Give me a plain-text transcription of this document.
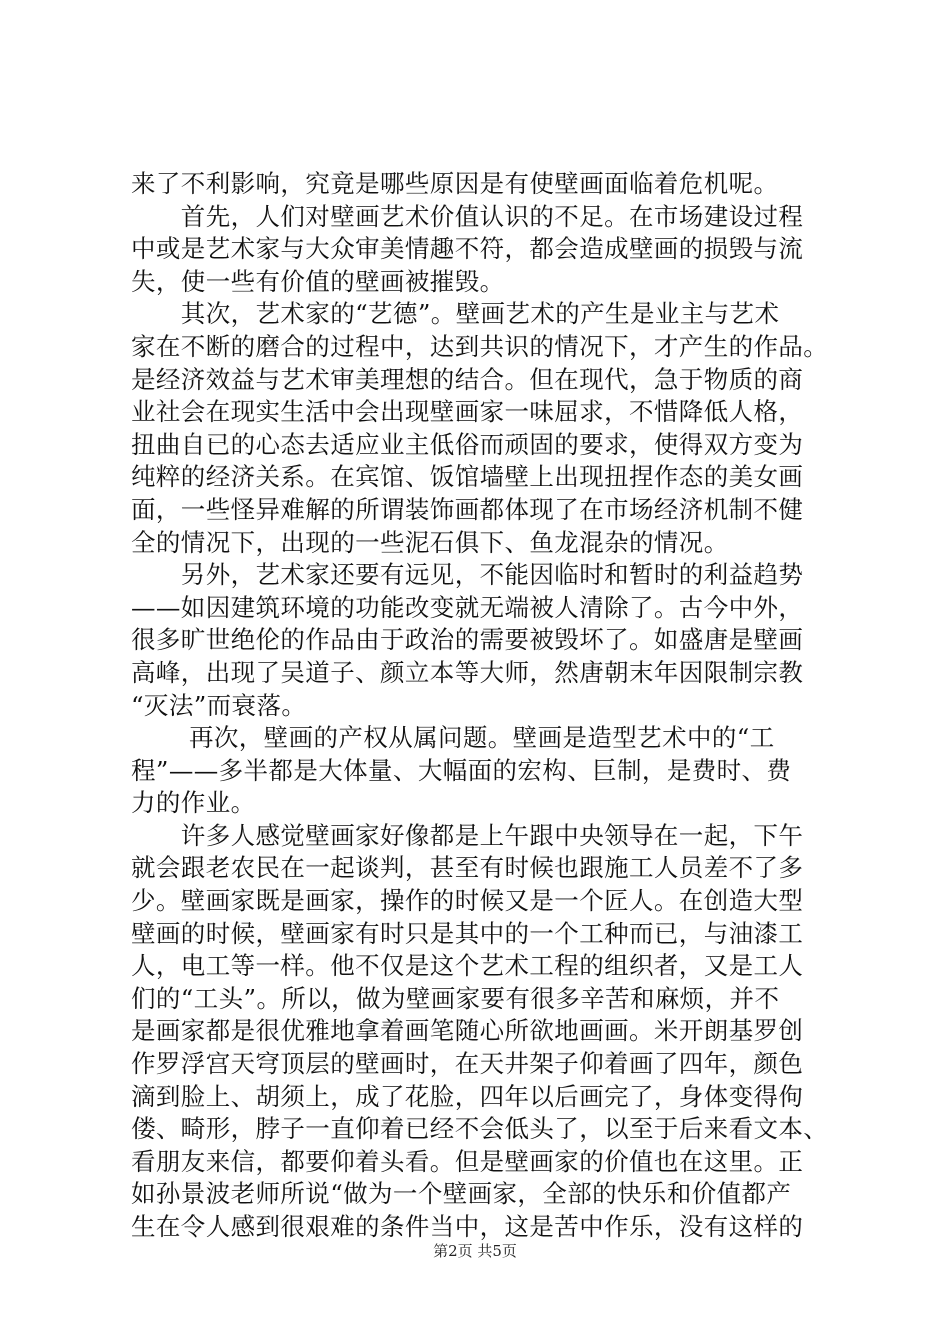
来了不利影响，究竟是哪些原因是有使壁画面临着危机呢。
　　首先，人们对壁画艺术价值认识的不足。在市场建设过程
中或是艺术家与大众审美情趣不符，都会造成壁画的损毁与流
失，使一些有价值的壁画被摧毁。
　　其次，艺术家的“艺德”。壁画艺术的产生是业主与艺术
家在不断的磨合的过程中，达到共识的情况下，才产生的作品。
是经济效益与艺术审美理想的结合。但在现代，急于物质的商
业社会在现实生活中会出现壁画家一味屈求，不惜降低人格，
扭曲自已的心态去适应业主低俗而顽固的要求，使得双方变为
纯粹的经济关系。在宾馆、饭馆墙壁上出现扭捏作态的美女画
面，一些怪异难解的所谓装饰画都体现了在市场经济机制不健
全的情况下，出现的一些泥石俱下、鱼龙混杂的情况。
　　另外，艺术家还要有远见，不能因临时和暂时的利益趋势
——如因建筑环境的功能改变就无端被人清除了。古今中外，
很多旷世绝伦的作品由于政治的需要被毁坏了。如盛唐是壁画
高峰，出现了吴道子、颜立本等大师，然唐朝末年因限制宗教
“灭法”而衰落。
　　 再次，壁画的产权从属问题。壁画是造型艺术中的“工
程”——多半都是大体量、大幅面的宏构、巨制，是费时、费
力的作业。
　　许多人感觉壁画家好像都是上午跟中央领导在一起，下午
就会跟老农民在一起谈判，甚至有时候也跟施工人员差不了多
少。壁画家既是画家，操作的时候又是一个匠人。在创造大型
壁画的时候，壁画家有时只是其中的一个工种而已，与油漆工
人，电工等一样。他不仅是这个艺术工程的组织者，又是工人
们的“工头”。所以，做为壁画家要有很多辛苦和麻烦，并不
是画家都是很优雅地拿着画笔随心所欲地画画。米开朗基罗创
作罗浮宫天穹顶层的壁画时，在天井架子仰着画了四年，颜色
滴到脸上、胡须上，成了花脸，四年以后画完了，身体变得佝
偻、畸形，脖子一直仰着已经不会低头了，以至于后来看文本、
看朋友来信，都要仰着头看。但是壁画家的价值也在这里。正
如孙景波老师所说“做为一个壁画家，全部的快乐和价值都产
生在令人感到很艰难的条件当中，这是苦中作乐，没有这样的
第2页 共5页
